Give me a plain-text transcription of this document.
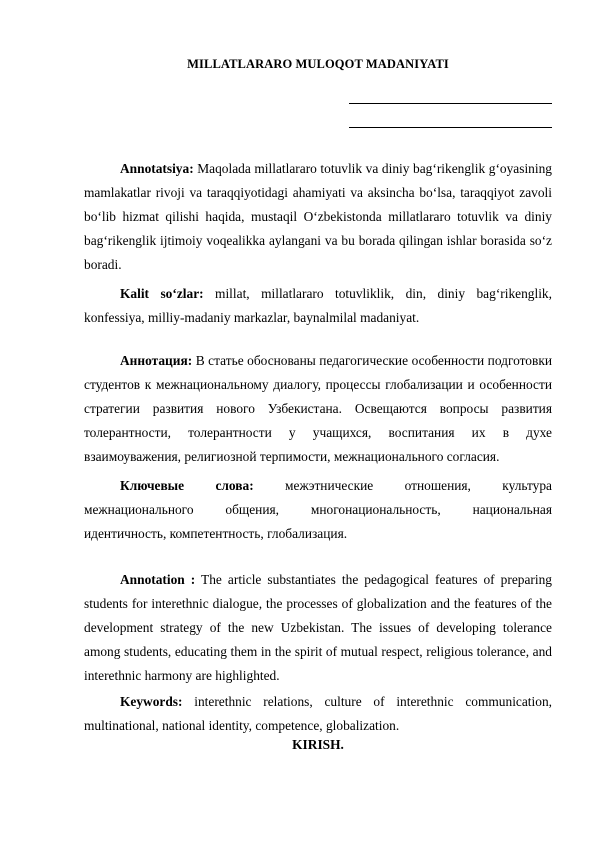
MILLATLARARO MULOQOT MADANIYATI

Annotatsiya: Maqolada millatlararo totuvlik va diniy bag‘rikenglik g‘oyasining mamlakatlar rivoji va taraqqiyotidagi ahamiyati va aksincha bo‘lsa, taraqqiyot zavoli bo‘lib hizmat qilishi haqida, mustaqil O‘zbekistonda millatlararo totuvlik va diniy bag‘rikenglik ijtimoiy voqealikka aylangani va bu borada qilingan ishlar borasida so‘z boradi.

Kalit so‘zlar: millat, millatlararo totuvliklik, din, diniy bag‘rikenglik, konfessiya, milliy-madaniy markazlar, baynalmilal madaniyat.

Аннотация: В статье обоснованы педагогические особенности подготовки студентов к межнациональному диалогу, процессы глобализации и особенности стратегии развития нового Узбекистана. Освещаются вопросы развития толерантности, толерантности у учащихся, воспитания их в духе взаимоуважения, религиозной терпимости, межнационального согласия.

Ключевые слова: межэтнические отношения, культура межнационального общения, многонациональность, национальная идентичность, компетентность, глобализация.

Annotation : The article substantiates the pedagogical features of preparing students for interethnic dialogue, the processes of globalization and the features of the development strategy of the new Uzbekistan. The issues of developing tolerance among students, educating them in the spirit of mutual respect, religious tolerance, and interethnic harmony are highlighted.

Keywords: interethnic relations, culture of interethnic communication, multinational, national identity, competence, globalization.

KIRISH.
